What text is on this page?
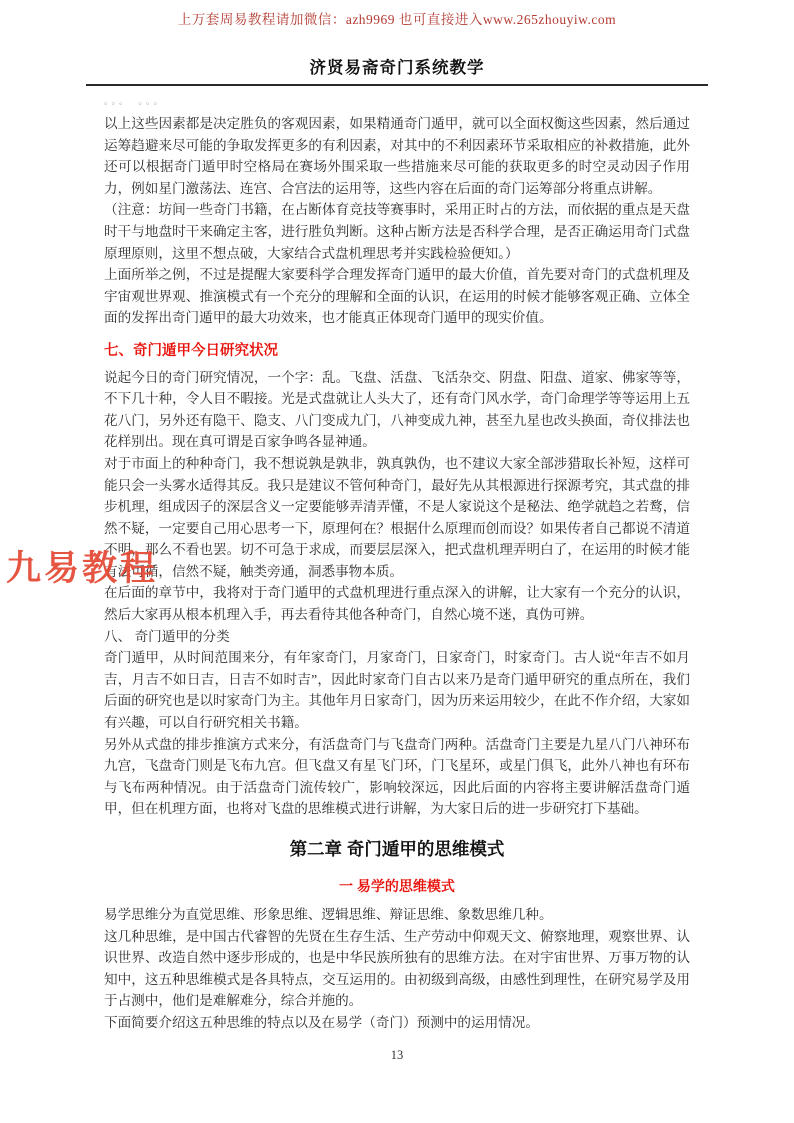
上万套周易教程请加微信：azh9969 也可直接进入www.265zhouyiw.com
济贤易斋奇门系统教学
。。。　。。。
以上这些因素都是决定胜负的客观因素，如果精通奇门遁甲，就可以全面权衡这些因素，然后通过运筹趋避来尽可能的争取发挥更多的有利因素，对其中的不利因素环节采取相应的补救措施，此外还可以根据奇门遁甲时空格局在赛场外围采取一些措施来尽可能的获取更多的时空灵动因子作用力，例如星门激荡法、连宫、合宫法的运用等，这些内容在后面的奇门运筹部分将重点讲解。
（注意：坊间一些奇门书籍，在占断体育竞技等赛事时，采用正时占的方法，而依据的重点是天盘时干与地盘时干来确定主客，进行胜负判断。这种占断方法是否科学合理，是否正确运用奇门式盘原理原则，这里不想点破，大家结合式盘机理思考并实践检验便知。）
上面所举之例，不过是提醒大家要科学合理发挥奇门遁甲的最大价值，首先要对奇门的式盘机理及宇宙观世界观、推演模式有一个充分的理解和全面的认识，在运用的时候才能够客观正确、立体全面的发挥出奇门遁甲的最大功效来，也才能真正体现奇门遁甲的现实价值。
七、奇门遁甲今日研究状况
说起今日的奇门研究情况，一个字：乱。飞盘、活盘、飞活杂交、阴盘、阳盘、道家、佛家等等，不下几十种，令人目不暇接。光是式盘就让人头大了，还有奇门风水学，奇门命理学等等运用上五花八门，另外还有隐干、隐支、八门变成九门，八神变成九神，甚至九星也改头换面，奇仪排法也花样别出。现在真可谓是百家争鸣各显神通。
对于市面上的种种奇门，我不想说孰是孰非，孰真孰伪，也不建议大家全部涉猎取长补短，这样可能只会一头雾水适得其反。我只是建议不管何种奇门，最好先从其根源进行探源考究，其式盘的排步机理，组成因子的深层含义一定要能够弄清弄懂，不是人家说这个是秘法、绝学就趋之若鹜，信然不疑，一定要自己用心思考一下，原理何在？根据什么原理而创而设？如果传者自己都说不清道不明，那么不看也罢。切不可急于求成，而要层层深入，把式盘机理弄明白了，在运用的时候才能有法可循，信然不疑，触类旁通，洞悉事物本质。
在后面的章节中，我将对于奇门遁甲的式盘机理进行重点深入的讲解，让大家有一个充分的认识，然后大家再从根本机理入手，再去看待其他各种奇门，自然心境不迷，真伪可辨。
八、 奇门遁甲的分类
奇门遁甲，从时间范围来分，有年家奇门，月家奇门，日家奇门，时家奇门。古人说“年吉不如月吉，月吉不如日吉，日吉不如时吉”，因此时家奇门自古以来乃是奇门遁甲研究的重点所在，我们后面的研究也是以时家奇门为主。其他年月日家奇门，因为历来运用较少，在此不作介绍，大家如有兴趣，可以自行研究相关书籍。
另外从式盘的排步推演方式来分，有活盘奇门与飞盘奇门两种。活盘奇门主要是九星八门八神环布九宫，飞盘奇门则是飞布九宫。但飞盘又有星飞门环，门飞星环，或星门俱飞，此外八神也有环布与飞布两种情况。由于活盘奇门流传较广，影响较深远，因此后面的内容将主要讲解活盘奇门遁甲，但在机理方面，也将对飞盘的思维模式进行讲解，为大家日后的进一步研究打下基础。
第二章 奇门遁甲的思维模式
一 易学的思维模式
易学思维分为直觉思维、形象思维、逻辑思维、辩证思维、象数思维几种。
这几种思维，是中国古代睿智的先贤在生存生活、生产劳动中仰观天文、俯察地理，观察世界、认识世界、改造自然中逐步形成的，也是中华民族所独有的思维方法。在对宇宙世界、万事万物的认知中，这五种思维模式是各具特点，交互运用的。由初级到高级，由感性到理性，在研究易学及用于占测中，他们是难解难分，综合并施的。
下面简要介绍这五种思维的特点以及在易学（奇门）预测中的运用情况。
九易教程
13
